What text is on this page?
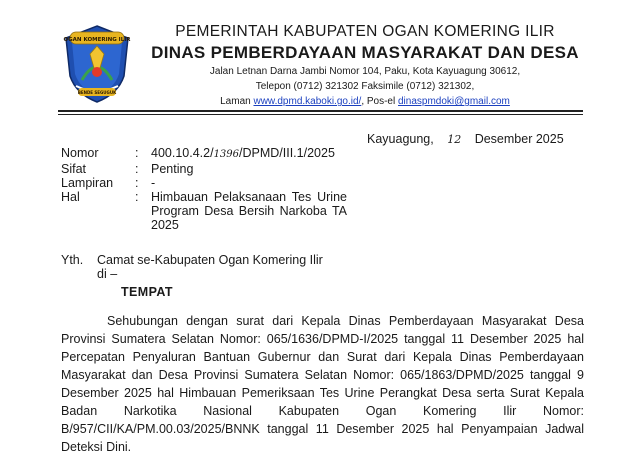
OGAN KOMERING ILIR
BENDE SEGUGUK
PEMERINTAH KABUPATEN OGAN KOMERING ILIR
DINAS PEMBERDAYAAN MASYARAKAT DAN DESA
Jalan Letnan Darna Jambi Nomor 104, Paku, Kota Kayuagung 30612,
Telepon (0712) 321302 Faksimile (0712) 321302,
Laman www.dpmd.kaboki.go.id/, Pos-el dinaspmdoki@gmail.com
Kayuagung, 12 Desember 2025
Nomor	:	400.10.4.2/1396/DPMD/III.1/2025
Sifat	:	Penting
Lampiran	:	-
Hal	:	Himbauan Pelaksanaan Tes Urine Program Desa Bersih Narkoba TA 2025
Yth.	Camat se-Kabupaten Ogan Komering Ilir
di –
TEMPAT

Sehubungan dengan surat dari Kepala Dinas Pemberdayaan Masyarakat Desa Provinsi Sumatera Selatan Nomor: 065/1636/DPMD-I/2025 tanggal 11 Desember 2025 hal Percepatan Penyaluran Bantuan Gubernur dan Surat dari Kepala Dinas Pemberdayaan Masyarakat dan Desa Provinsi Sumatera Selatan Nomor: 065/1863/DPMD/2025 tanggal 9 Desember 2025 hal Himbauan Pemeriksaan Tes Urine Perangkat Desa serta Surat Kepala Badan Narkotika Nasional Kabupaten Ogan Komering Ilir Nomor: B/957/CII/KA/PM.00.03/2025/BNNK tanggal 11 Desember 2025 hal Penyampaian Jadwal Deteksi Dini.
